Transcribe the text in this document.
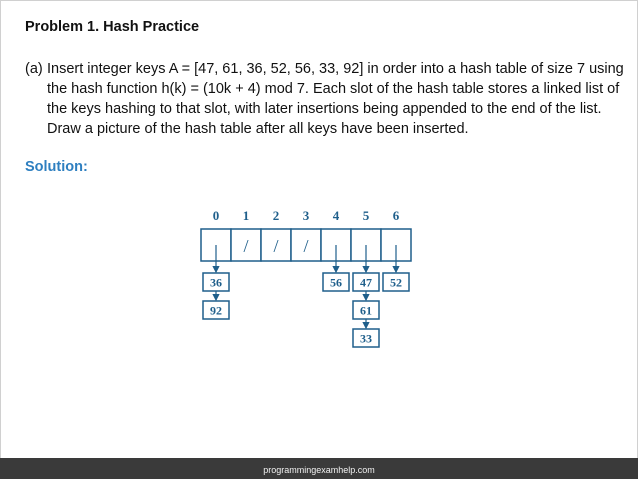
Problem 1. Hash Practice
(a) Insert integer keys A = [47, 61, 36, 52, 56, 33, 92] in order into a hash table of size 7 using the hash function h(k) = (10k + 4) mod 7. Each slot of the hash table stores a linked list of the keys hashing to that slot, with later insertions being appended to the end of the list. Draw a picture of the hash table after all keys have been inserted.
Solution:
0
36
92
1
/
2
/
3
/
4
56
5
47
61
33
6
52
programmingexamhelp.com
